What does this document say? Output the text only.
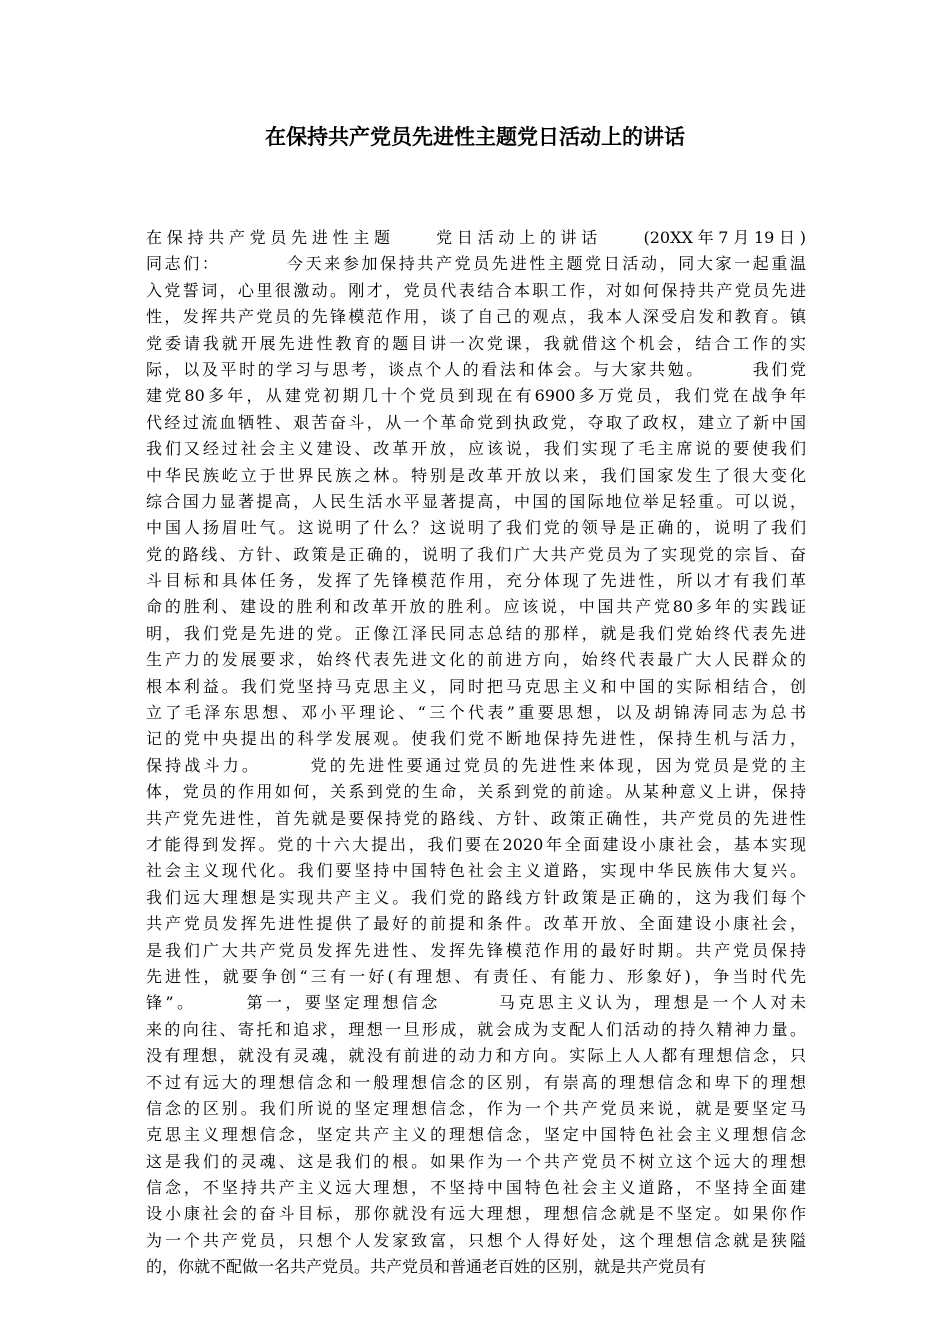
在保持共产党员先进性主题党日活动上的讲话
在保持共产党员先进性主题　　党日活动上的讲话　　(20XX年7月19日)
同志们：　　　　今天来参加保持共产党员先进性主题党日活动，同大家一起重温
入党誓词，心里很激动。刚才，党员代表结合本职工作，对如何保持共产党员先进
性，发挥共产党员的先锋模范作用，谈了自己的观点，我本人深受启发和教育。镇
党委请我就开展先进性教育的题目讲一次党课，我就借这个机会，结合工作的实
际，以及平时的学习与思考，谈点个人的看法和体会。与大家共勉。　　　我们党
建党80多年，从建党初期几十个党员到现在有6900多万党员，我们党在战争年
代经过流血牺牲、艰苦奋斗，从一个革命党到执政党，夺取了政权，建立了新中国
我们又经过社会主义建设、改革开放，应该说，我们实现了毛主席说的要使我们
中华民族屹立于世界民族之林。特别是改革开放以来，我们国家发生了很大变化
综合国力显著提高，人民生活水平显著提高，中国的国际地位举足轻重。可以说，
中国人扬眉吐气。这说明了什么？这说明了我们党的领导是正确的，说明了我们
党的路线、方针、政策是正确的，说明了我们广大共产党员为了实现党的宗旨、奋
斗目标和具体任务，发挥了先锋模范作用，充分体现了先进性，所以才有我们革
命的胜利、建设的胜利和改革开放的胜利。应该说，中国共产党80多年的实践证
明，我们党是先进的党。正像江泽民同志总结的那样，就是我们党始终代表先进
生产力的发展要求，始终代表先进文化的前进方向，始终代表最广大人民群众的
根本利益。我们党坚持马克思主义，同时把马克思主义和中国的实际相结合，创
立了毛泽东思想、邓小平理论、“三个代表”重要思想，以及胡锦涛同志为总书
记的党中央提出的科学发展观。使我们党不断地保持先进性，保持生机与活力，
保持战斗力。　　　党的先进性要通过党员的先进性来体现，因为党员是党的主
体，党员的作用如何，关系到党的生命，关系到党的前途。从某种意义上讲，保持
共产党先进性，首先就是要保持党的路线、方针、政策正确性，共产党员的先进性
才能得到发挥。党的十六大提出，我们要在2020年全面建设小康社会，基本实现
社会主义现代化。我们要坚持中国特色社会主义道路，实现中华民族伟大复兴。
我们远大理想是实现共产主义。我们党的路线方针政策是正确的，这为我们每个
共产党员发挥先进性提供了最好的前提和条件。改革开放、全面建设小康社会，
是我们广大共产党员发挥先进性、发挥先锋模范作用的最好时期。共产党员保持
先进性，就要争创“三有一好(有理想、有责任、有能力、形象好)，争当时代先
锋”。　　　第一，要坚定理想信念　　　马克思主义认为，理想是一个人对未
来的向往、寄托和追求，理想一旦形成，就会成为支配人们活动的持久精神力量。
没有理想，就没有灵魂，就没有前进的动力和方向。实际上人人都有理想信念，只
不过有远大的理想信念和一般理想信念的区别，有崇高的理想信念和卑下的理想
信念的区别。我们所说的坚定理想信念，作为一个共产党员来说，就是要坚定马
克思主义理想信念，坚定共产主义的理想信念，坚定中国特色社会主义理想信念
这是我们的灵魂、这是我们的根。如果作为一个共产党员不树立这个远大的理想
信念，不坚持共产主义远大理想，不坚持中国特色社会主义道路，不坚持全面建
设小康社会的奋斗目标，那你就没有远大理想，理想信念就是不坚定。如果你作
为一个共产党员，只想个人发家致富，只想个人得好处，这个理想信念就是狭隘
的，你就不配做一名共产党员。共产党员和普通老百姓的区别，就是共产党员有
